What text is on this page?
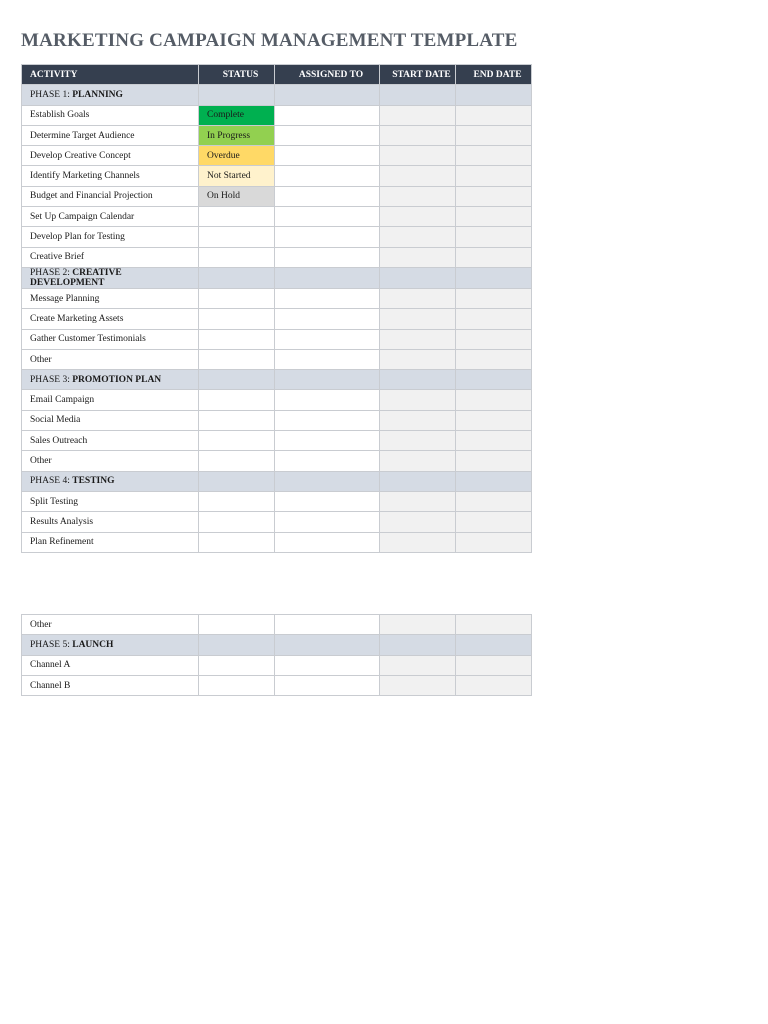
MARKETING CAMPAIGN MANAGEMENT TEMPLATE
ACTIVITY	STATUS	ASSIGNED TO	START DATE	END DATE
PHASE 1: PLANNING				
Establish Goals	Complete			
Determine Target Audience	In Progress			
Develop Creative Concept	Overdue			
Identify Marketing Channels	Not Started			
Budget and Financial Projection	On Hold			
Set Up Campaign Calendar				
Develop Plan for Testing				
Creative Brief				
PHASE 2: CREATIVE DEVELOPMENT				
Message Planning				
Create Marketing Assets				
Gather Customer Testimonials				
Other				
PHASE 3: PROMOTION PLAN				
Email Campaign				
Social Media				
Sales Outreach				
Other				
PHASE 4: TESTING				
Split Testing				
Results Analysis				
Plan Refinement				
Other				
PHASE 5: LAUNCH				
Channel A				
Channel B				
